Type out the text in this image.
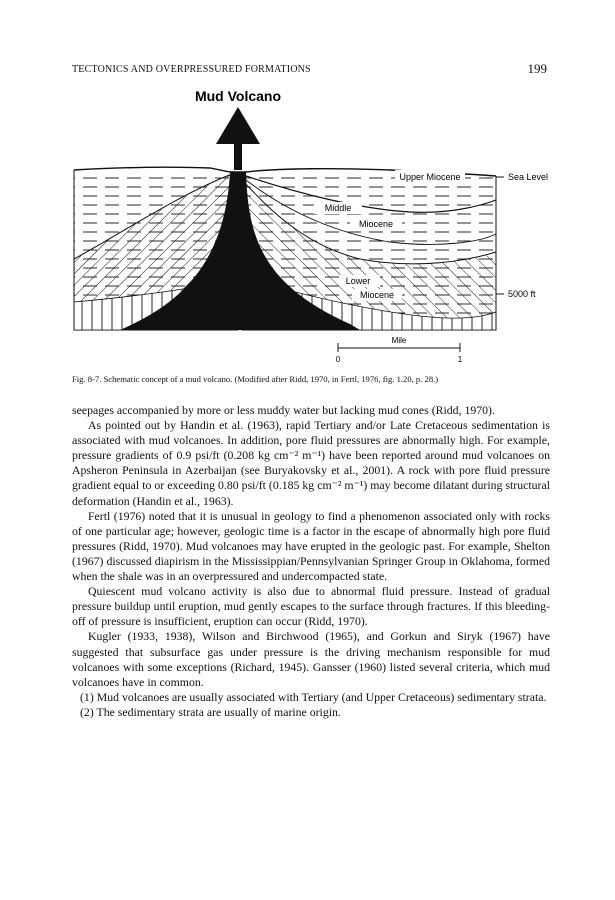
TECTONICS AND OVERPRESSURED FORMATIONS	199
Mud Volcano
Upper Miocene
Middle
Miocene
Lower
Miocene
Sea Level
5000 ft
Mile
0	1
Fig. 8-7. Schematic concept of a mud volcano. (Modified after Ridd, 1970, in Fertl, 1976, fig. 1.20, p. 28.)

seepages accompanied by more or less muddy water but lacking mud cones (Ridd, 1970).

As pointed out by Handin et al. (1963), rapid Tertiary and/or Late Cretaceous sedimentation is associated with mud volcanoes. In addition, pore fluid pressures are abnormally high. For example, pressure gradients of 0.9 psi/ft (0.208 kg cm⁻² m⁻¹) have been reported around mud volcanoes on Apsheron Peninsula in Azerbaijan (see Buryakovsky et al., 2001). A rock with pore fluid pressure gradient equal to or exceeding 0.80 psi/ft (0.185 kg cm⁻² m⁻¹) may become dilatant during structural deformation (Handin et al., 1963).

Fertl (1976) noted that it is unusual in geology to find a phenomenon associated only with rocks of one particular age; however, geologic time is a factor in the escape of abnormally high pore fluid pressures (Ridd, 1970). Mud volcanoes may have erupted in the geologic past. For example, Shelton (1967) discussed diapirism in the Mississippian/Pennsylvanian Springer Group in Oklahoma, formed when the shale was in an overpressured and undercompacted state.

Quiescent mud volcano activity is also due to abnormal fluid pressure. Instead of gradual pressure buildup until eruption, mud gently escapes to the surface through fractures. If this bleeding-off of pressure is insufficient, eruption can occur (Ridd, 1970).

Kugler (1933, 1938), Wilson and Birchwood (1965), and Gorkun and Siryk (1967) have suggested that subsurface gas under pressure is the driving mechanism responsible for mud volcanoes with some exceptions (Richard, 1945). Gansser (1960) listed several criteria, which mud volcanoes have in common.

(1) Mud volcanoes are usually associated with Tertiary (and Upper Cretaceous) sedimentary strata.

(2) The sedimentary strata are usually of marine origin.
